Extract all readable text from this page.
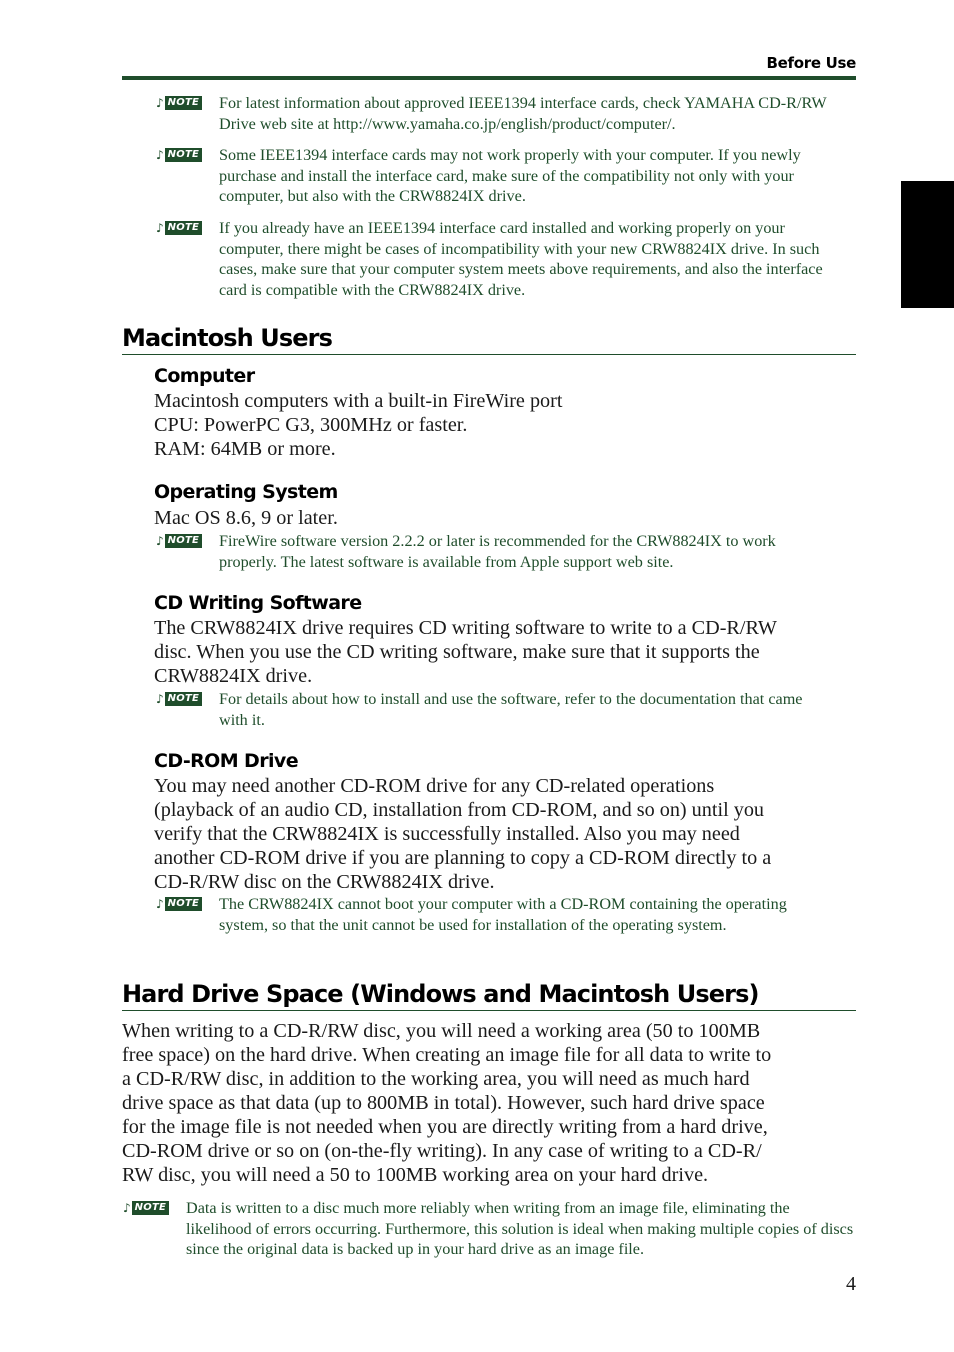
Before Use
♪ NOTE For latest information about approved IEEE1394 interface cards, check YAMAHA CD-R/RW Drive web site at http://www.yamaha.co.jp/english/product/computer/.
♪ NOTE Some IEEE1394 interface cards may not work properly with your computer. If you newly purchase and install the interface card, make sure of the compatibility not only with your computer, but also with the CRW8824IX drive.
♪ NOTE If you already have an IEEE1394 interface card installed and working properly on your computer, there might be cases of incompatibility with your new CRW8824IX drive. In such cases, make sure that your computer system meets above requirements, and also the interface card is compatible with the CRW8824IX drive.
Macintosh Users
Computer
Macintosh computers with a built-in FireWire port
CPU: PowerPC G3, 300MHz or faster.
RAM: 64MB or more.
Operating System
Mac OS 8.6, 9 or later.
♪ NOTE FireWire software version 2.2.2 or later is recommended for the CRW8824IX to work properly. The latest software is available from Apple support web site.
CD Writing Software
The CRW8824IX drive requires CD writing software to write to a CD-R/RW
disc. When you use the CD writing software, make sure that it supports the
CRW8824IX drive.
♪ NOTE For details about how to install and use the software, refer to the documentation that came with it.
CD-ROM Drive
You may need another CD-ROM drive for any CD-related operations
(playback of an audio CD, installation from CD-ROM, and so on) until you
verify that the CRW8824IX is successfully installed. Also you may need
another CD-ROM drive if you are planning to copy a CD-ROM directly to a
CD-R/RW disc on the CRW8824IX drive.
♪ NOTE The CRW8824IX cannot boot your computer with a CD-ROM containing the operating system, so that the unit cannot be used for installation of the operating system.
Hard Drive Space (Windows and Macintosh Users)
When writing to a CD-R/RW disc, you will need a working area (50 to 100MB
free space) on the hard drive. When creating an image file for all data to write to
a CD-R/RW disc, in addition to the working area, you will need as much hard
drive space as that data (up to 800MB in total). However, such hard drive space
for the image file is not needed when you are directly writing from a hard drive,
CD-ROM drive or so on (on-the-fly writing). In any case of writing to a CD-R/
RW disc, you will need a 50 to 100MB working area on your hard drive.
♪ NOTE Data is written to a disc much more reliably when writing from an image file, eliminating the likelihood of errors occurring. Furthermore, this solution is ideal when making multiple copies of discs since the original data is backed up in your hard drive as an image file.
4
